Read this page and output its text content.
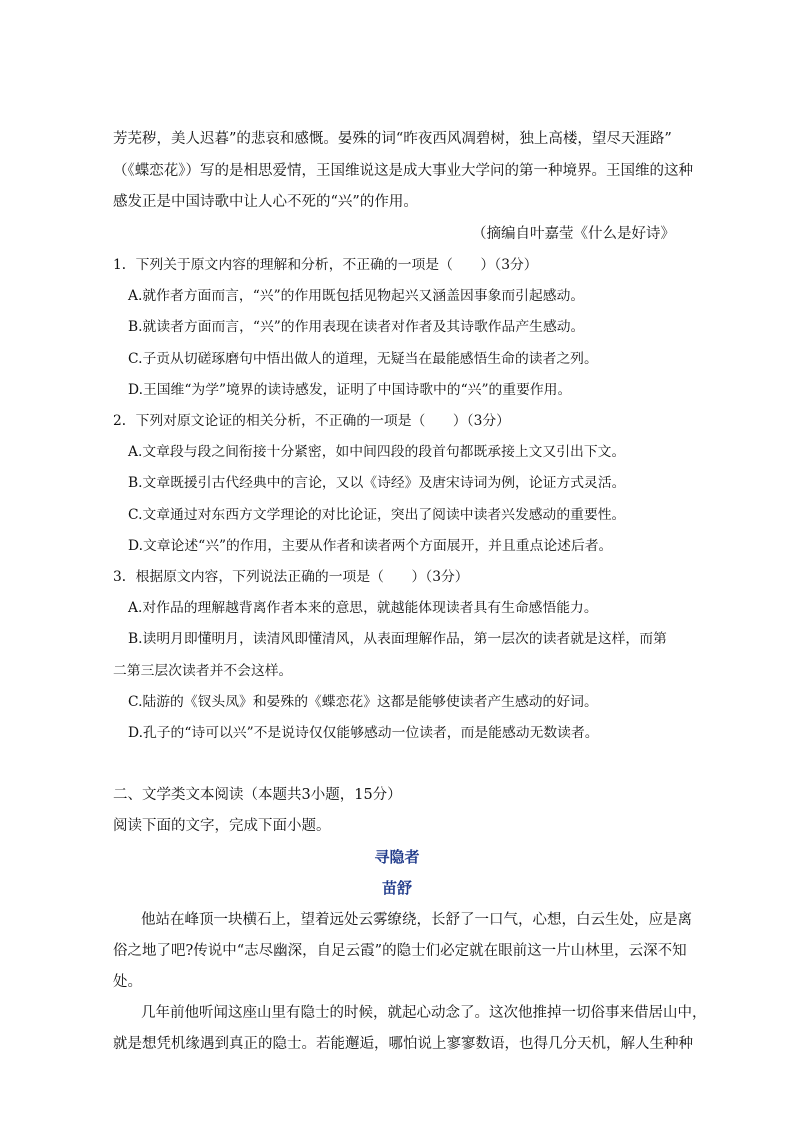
芳芜秽，美人迟暮”的悲哀和感慨。晏殊的词“昨夜西风凋碧树，独上高楼，望尽天涯路”
（《蝶恋花》）写的是相思爱情，王国维说这是成大事业大学问的第一种境界。王国维的这种
感发正是中国诗歌中让人心不死的“兴”的作用。
（摘编自叶嘉莹《什么是好诗》
1．下列关于原文内容的理解和分析，不正确的一项是（　　）（3分）
A.就作者方面而言，“兴”的作用既包括见物起兴又涵盖因事象而引起感动。
B.就读者方面而言，“兴”的作用表现在读者对作者及其诗歌作品产生感动。
C.子贡从切磋琢磨句中悟出做人的道理，无疑当在最能感悟生命的读者之列。
D.王国维“为学”境界的读诗感发，证明了中国诗歌中的“兴”的重要作用。
2．下列对原文论证的相关分析，不正确的一项是（　　）（3分）
A.文章段与段之间衔接十分紧密，如中间四段的段首句都既承接上文又引出下文。
B.文章既援引古代经典中的言论，又以《诗经》及唐宋诗词为例，论证方式灵活。
C.文章通过对东西方文学理论的对比论证，突出了阅读中读者兴发感动的重要性。
D.文章论述“兴”的作用，主要从作者和读者两个方面展开，并且重点论述后者。
3．根据原文内容，下列说法正确的一项是（　　）（3分）
A.对作品的理解越背离作者本来的意思，就越能体现读者具有生命感悟能力。
B.读明月即懂明月，读清风即懂清风，从表面理解作品，第一层次的读者就是这样，而第
二第三层次读者并不会这样。
C.陆游的《钗头凤》和晏殊的《蝶恋花》这都是能够使读者产生感动的好词。
D.孔子的“诗可以兴”不是说诗仅仅能够感动一位读者，而是能感动无数读者。
二、文学类文本阅读（本题共3小题，15分）
阅读下面的文字，完成下面小题。
寻隐者
苗舒
他站在峰顶一块横石上，望着远处云雾缭绕，长舒了一口气，心想，白云生处，应是离
俗之地了吧?传说中“志尽幽深，自足云霞”的隐士们必定就在眼前这一片山林里，云深不知
处。
几年前他听闻这座山里有隐士的时候，就起心动念了。这次他推掉一切俗事来借居山中，
就是想凭机缘遇到真正的隐士。若能邂逅，哪怕说上寥寥数语，也得几分天机，解人生种种
